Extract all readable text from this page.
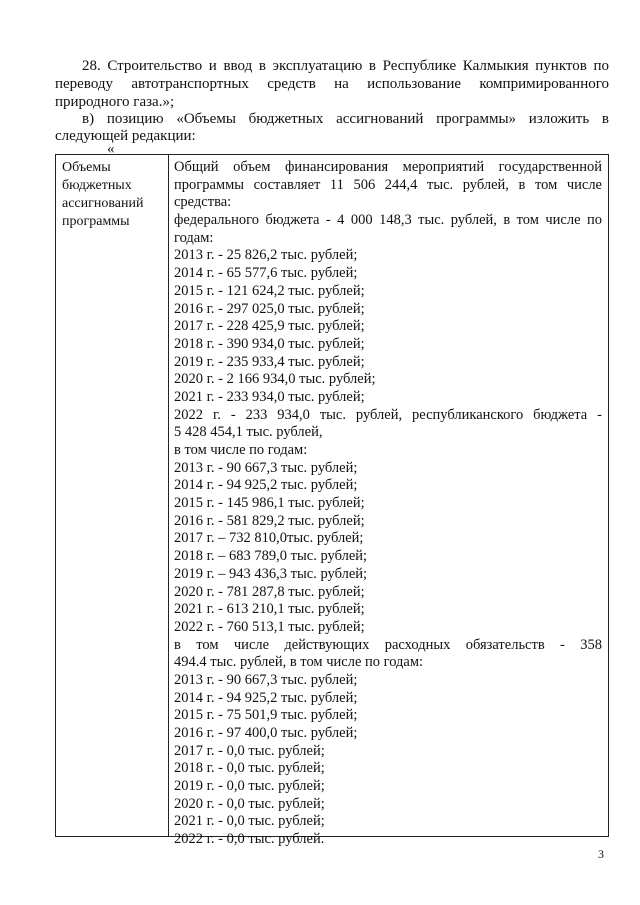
28. Строительство и ввод в эксплуатацию в Республике Калмыкия пунктов по
переводу автотранспортных средств на использование компримированного
природного газа.»;
в) позицию «Объемы бюджетных ассигнований программы» изложить в
следующей редакции:
«
Объемы
бюджетных
ассигнований
программы
Общий объем финансирования мероприятий государственной
программы составляет 11 506 244,4 тыс. рублей, в том числе
средства:
федерального бюджета - 4 000 148,3 тыс. рублей, в том числе по
годам:
2013 г. - 25 826,2 тыс. рублей;
2014 г. - 65 577,6 тыс. рублей;
2015 г. - 121 624,2 тыс. рублей;
2016 г. - 297 025,0 тыс. рублей;
2017 г. - 228 425,9 тыс. рублей;
2018 г. - 390 934,0 тыс. рублей;
2019 г. - 235 933,4 тыс. рублей;
2020 г. - 2 166 934,0 тыс. рублей;
2021 г. - 233 934,0 тыс. рублей;
2022 г. - 233 934,0 тыс. рублей, республиканского бюджета -
5 428 454,1 тыс. рублей,
в том числе по годам:
2013 г. - 90 667,3 тыс. рублей;
2014 г. - 94 925,2 тыс. рублей;
2015 г. - 145 986,1 тыс. рублей;
2016 г. - 581 829,2 тыс. рублей;
2017 г. – 732 810,0тыс. рублей;
2018 г. – 683 789,0 тыс. рублей;
2019 г. – 943 436,3 тыс. рублей;
2020 г. - 781 287,8 тыс. рублей;
2021 г. - 613 210,1 тыс. рублей;
2022 г. - 760 513,1 тыс. рублей;
в том числе действующих расходных обязательств - 358
494.4 тыс. рублей, в том числе по годам:
2013 г. - 90 667,3 тыс. рублей;
2014 г. - 94 925,2 тыс. рублей;
2015 г. - 75 501,9 тыс. рублей;
2016 г. - 97 400,0 тыс. рублей;
2017 г. - 0,0 тыс. рублей;
2018 г. - 0,0 тыс. рублей;
2019 г. - 0,0 тыс. рублей;
2020 г. - 0,0 тыс. рублей;
2021 г. - 0,0 тыс. рублей;
2022 г. - 0,0 тыс. рублей.
3
